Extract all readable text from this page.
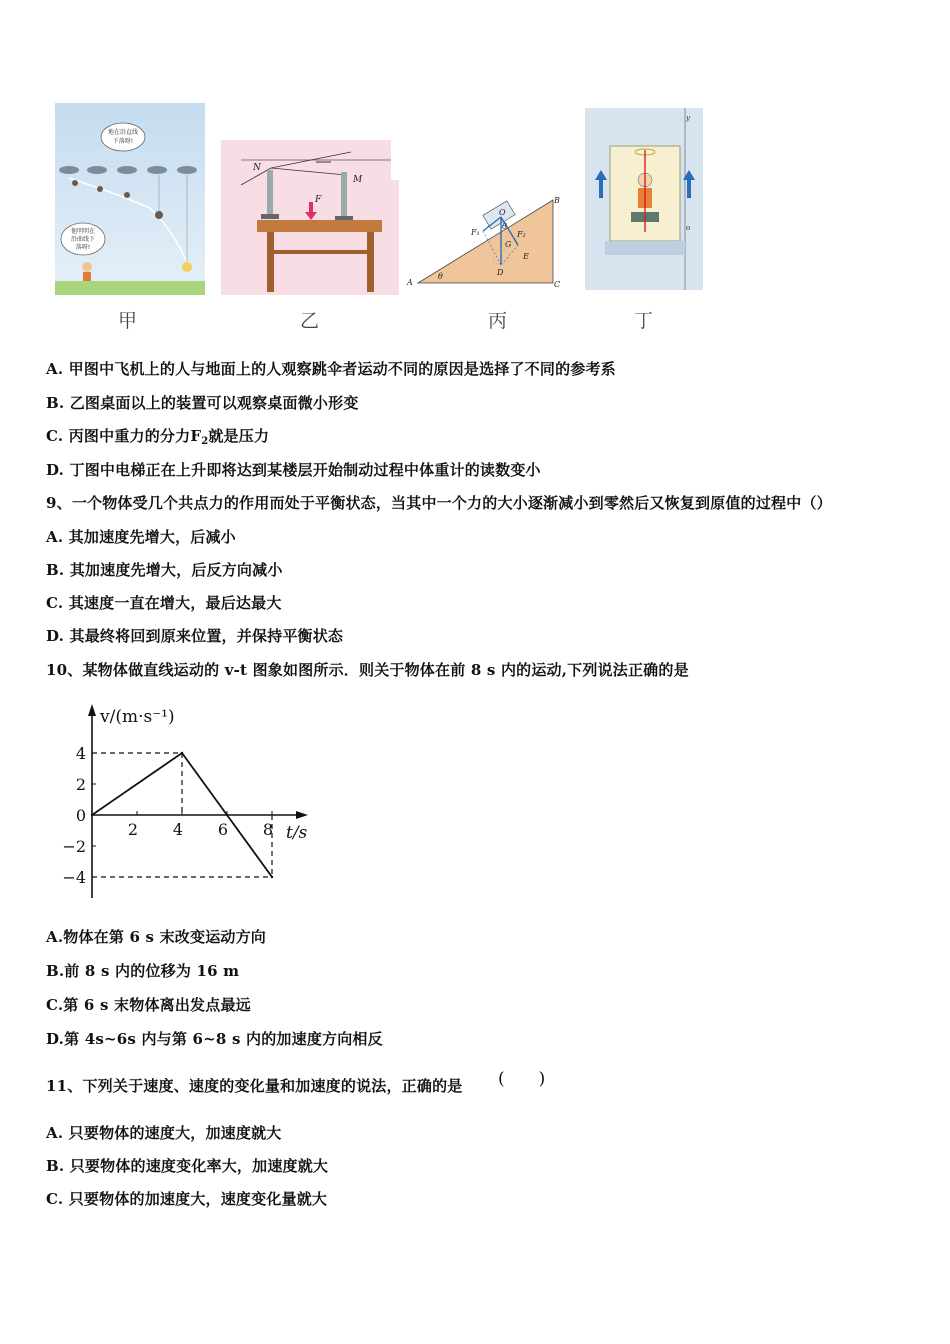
地在沿直线
下落呀!
他明明在
沿曲线下
落呀!
N
M
F
A
B
C
O
F₁	F₂
G
D
E
θ
θ
y
o
甲	乙	丙	丁
A. 甲图中飞机上的人与地面上的人观察跳伞者运动不同的原因是选择了不同的参考系
B. 乙图桌面以上的装置可以观察桌面微小形变
C. 丙图中重力的分力$F_2$就是压力
D. 丁图中电梯正在上升即将达到某楼层开始制动过程中体重计的读数变小
9、一个物体受几个共点力的作用而处于平衡状态，当其中一个力的大小逐渐减小到零然后又恢复到原值的过程中（）
A. 其加速度先增大，后减小
B. 其加速度先增大，后反方向减小
C. 其速度一直在增大，最后达最大
D. 其最终将回到原来位置，并保持平衡状态
10、某物体做直线运动的 v-t 图象如图所示．则关于物体在前 8 s 内的运动,下列说法正确的是
v/(m·s⁻¹)
t/s
4
2
0
−2
−4
2 4 6 8
A.物体在第 6 s 末改变运动方向
B.前 8 s 内的位移为 16 m
C.第 6 s 末物体离出发点最远
D.第 4s~6s 内与第 6~8 s 内的加速度方向相反
11、下列关于速度、速度的变化量和加速度的说法，正确的是 (　　)
A. 只要物体的速度大，加速度就大
B. 只要物体的速度变化率大，加速度就大
C. 只要物体的加速度大，速度变化量就大
